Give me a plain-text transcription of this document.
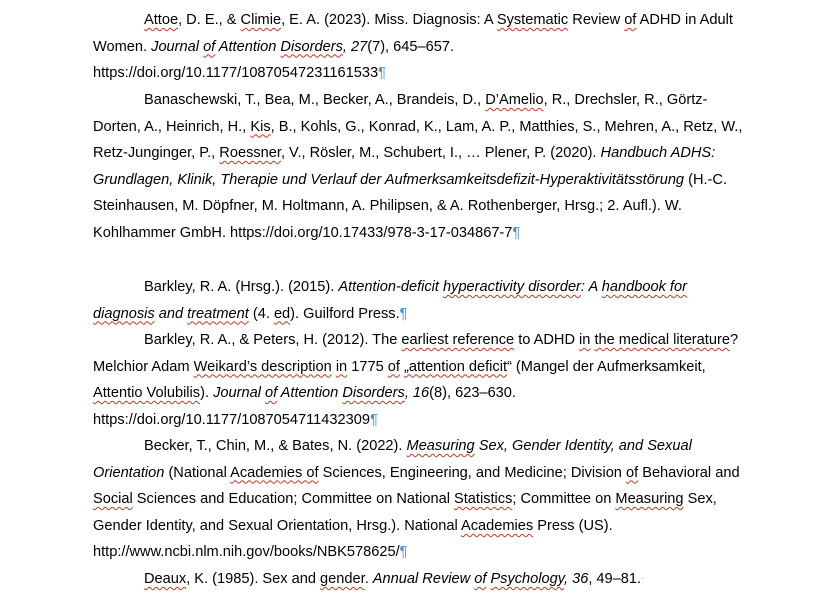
Attoe, D. E., & Climie, E. A. (2023). Miss. Diagnosis: A Systematic Review of ADHD in Adult Women. Journal of Attention Disorders, 27(7), 645–657. https://doi.org/10.1177/10870547231161533¶

Banaschewski, T., Bea, M., Becker, A., Brandeis, D., D’Amelio, R., Drechsler, R., Görtz-Dorten, A., Heinrich, H., Kis, B., Kohls, G., Konrad, K., Lam, A. P., Matthies, S., Mehren, A., Retz, W., Retz-Junginger, P., Roessner, V., Rösler, M., Schubert, I., … Plener, P. (2020). Handbuch ADHS: Grundlagen, Klinik, Therapie und Verlauf der Aufmerksamkeitsdefizit-Hyperaktivitätsstörung (H.-C. Steinhausen, M. Döpfner, M. Holtmann, A. Philipsen, & A. Rothenberger, Hrsg.; 2. Aufl.). W. Kohlhammer GmbH. https://doi.org/10.17433/978-3-17-034867-7¶

Barkley, R. A. (Hrsg.). (2015). Attention-deficit hyperactivity disorder: A handbook for diagnosis and treatment (4. ed). Guilford Press.¶

Barkley, R. A., & Peters, H. (2012). The earliest reference to ADHD in the medical literature? Melchior Adam Weikard’s description in 1775 of „attention deficit“ (Mangel der Aufmerksamkeit, Attentio Volubilis). Journal of Attention Disorders, 16(8), 623–630. https://doi.org/10.1177/1087054711432309¶

Becker, T., Chin, M., & Bates, N. (2022). Measuring Sex, Gender Identity, and Sexual Orientation (National Academies of Sciences, Engineering, and Medicine; Division of Behavioral and Social Sciences and Education; Committee on National Statistics; Committee on Measuring Sex, Gender Identity, and Sexual Orientation, Hrsg.). National Academies Press (US). http://www.ncbi.nlm.nih.gov/books/NBK578625/¶

Deaux, K. (1985). Sex and gender. Annual Review of Psychology, 36, 49–81.·
